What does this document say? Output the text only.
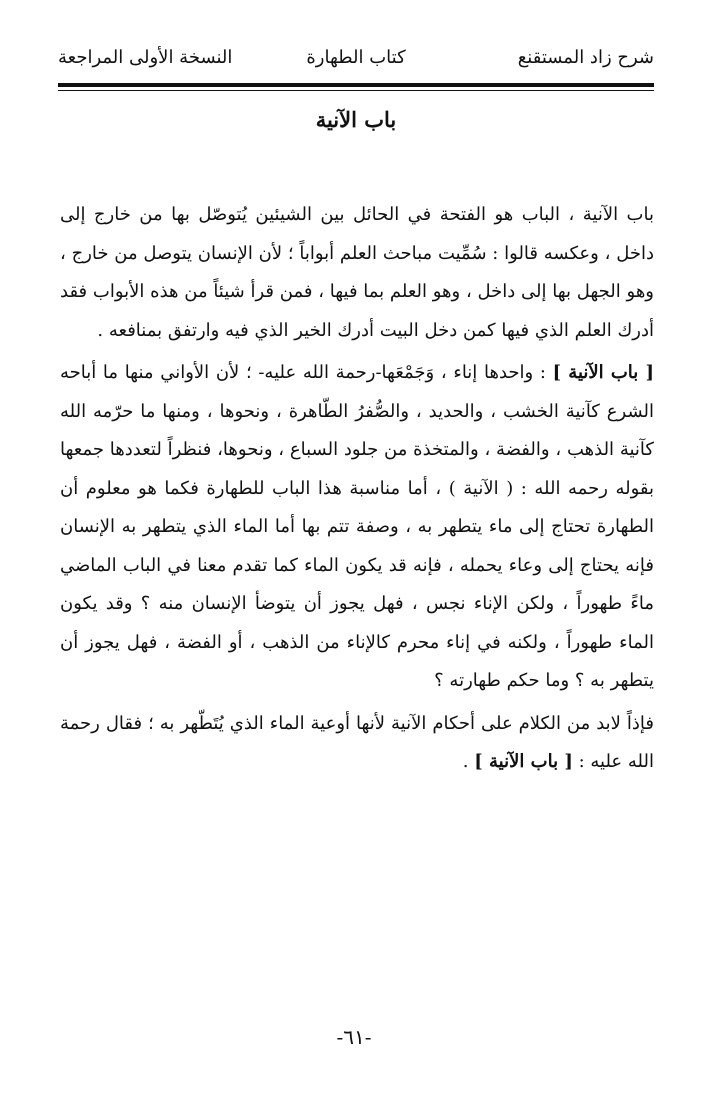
شرح زاد المستقنع
كتاب الطهارة
النسخة الأولى المراجعة
باب الآنية

باب الآنية ، الباب هو الفتحة في الحائل بين الشيئين يُتوصّل بها من خارج إلى داخل ، وعكسه قالوا : سُمِّيت مباحث العلم أبواباً ؛ لأن الإنسان يتوصل من خارج ، وهو الجهل بها إلى داخل ، وهو العلم بما فيها ، فمن قرأ شيئاً من هذه الأبواب فقد أدرك العلم الذي فيها كمن دخل البيت أدرك الخير الذي فيه وارتفق بمنافعه .

[ باب الآنية ] : واحدها إناء ، وَجَمْعَها-رحمة الله عليه- ؛ لأن الأواني منها ما أباحه الشرع كآنية الخشب ، والحديد ، والصُّفرُ الطّاهرة ، ونحوها ، ومنها ما حرّمه الله كآنية الذهب ، والفضة ، والمتخذة من جلود السباع ، ونحوها، فنظراً لتعددها جمعها بقوله رحمه الله : ( الآنية ) ، أما مناسبة هذا الباب للطهارة فكما هو معلوم أن الطهارة تحتاج إلى ماء يتطهر به ، وصفة تتم بها أما الماء الذي يتطهر به الإنسان فإنه يحتاج إلى وعاء يحمله ، فإنه قد يكون الماء كما تقدم معنا في الباب الماضي ماءً طهوراً ، ولكن الإناء نجس ، فهل يجوز أن يتوضأ الإنسان منه ؟ وقد يكون الماء طهوراً ، ولكنه في إناء محرم كالإناء من الذهب ، أو الفضة ، فهل يجوز أن يتطهر به ؟ وما حكم طهارته ؟

فإذاً لابد من الكلام على أحكام الآنية لأنها أوعية الماء الذي يُتَطّهر به ؛ فقال رحمة الله عليه : [ باب الآنية ] .

-٦١-
